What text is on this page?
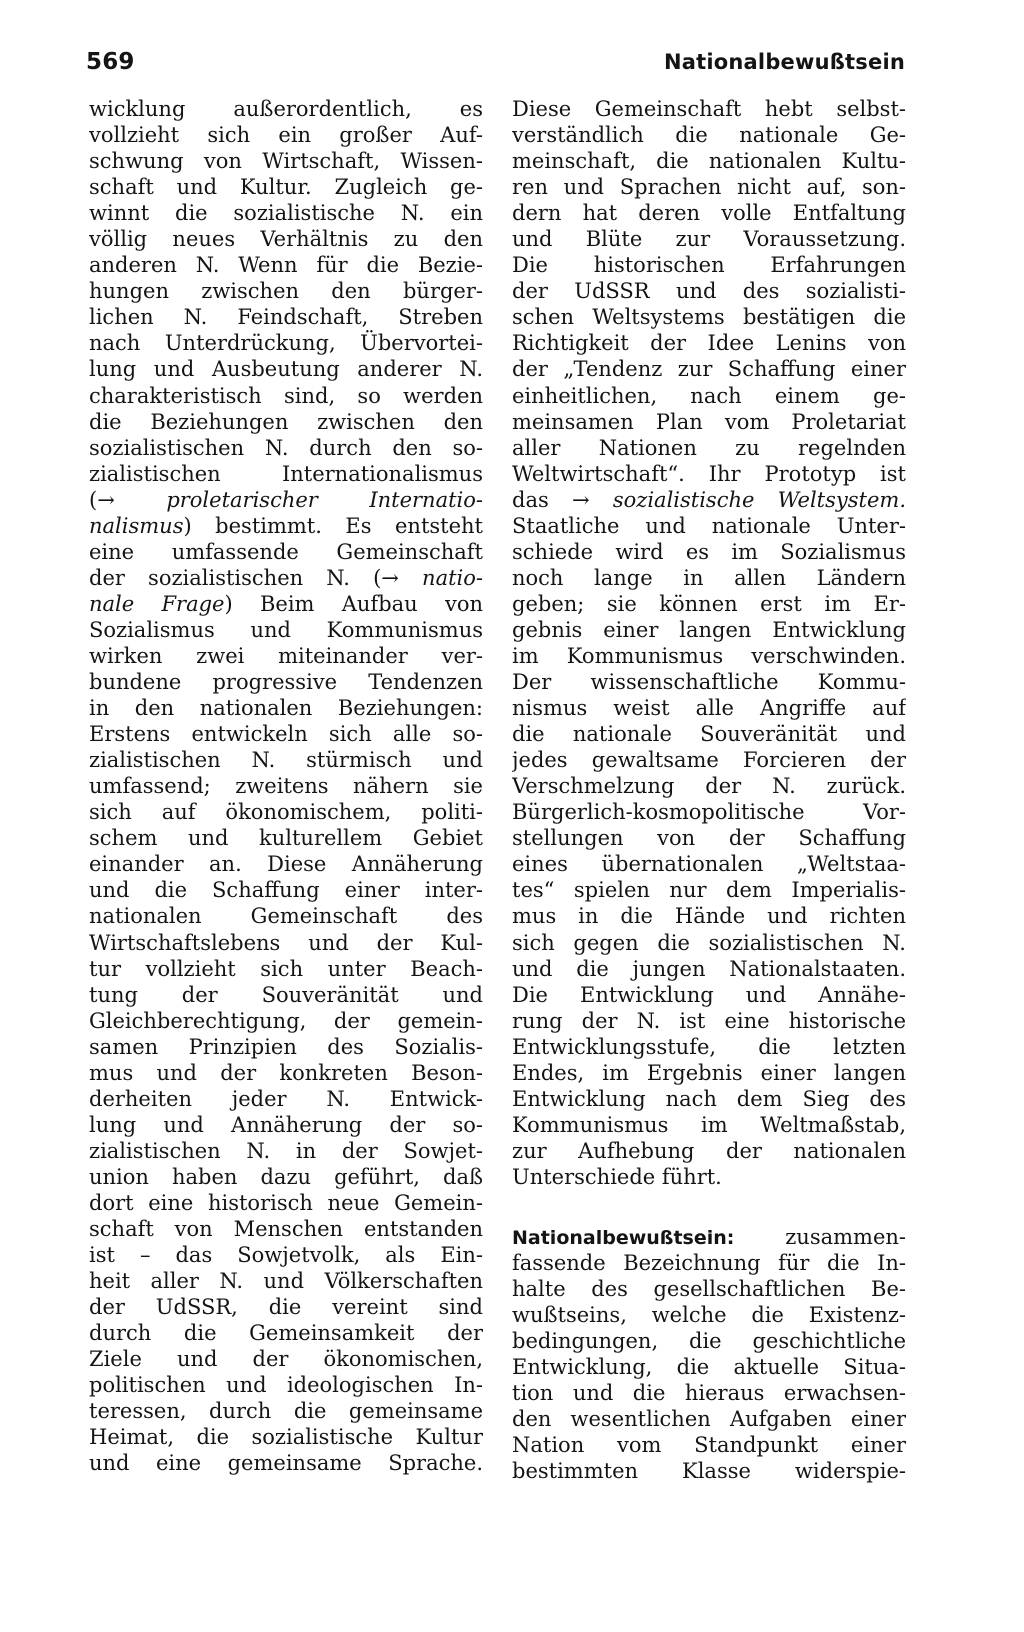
569	Nationalbewußtsein
wicklung außerordentlich, es
vollzieht sich ein großer Auf-
schwung von Wirtschaft, Wissen-
schaft und Kultur. Zugleich ge-
winnt die sozialistische N. ein
völlig neues Verhältnis zu den
anderen N. Wenn für die Bezie-
hungen zwischen den bürger-
lichen N. Feindschaft, Streben
nach Unterdrückung, Übervortei-
lung und Ausbeutung anderer N.
charakteristisch sind, so werden
die Beziehungen zwischen den
sozialistischen N. durch den so-
zialistischen Internationalismus
(→ proletarischer Internatio-
nalismus) bestimmt. Es entsteht
eine umfassende Gemeinschaft
der sozialistischen N. (→ natio-
nale Frage) Beim Aufbau von
Sozialismus und Kommunismus
wirken zwei miteinander ver-
bundene progressive Tendenzen
in den nationalen Beziehungen:
Erstens entwickeln sich alle so-
zialistischen N. stürmisch und
umfassend; zweitens nähern sie
sich auf ökonomischem, politi-
schem und kulturellem Gebiet
einander an. Diese Annäherung
und die Schaffung einer inter-
nationalen Gemeinschaft des
Wirtschaftslebens und der Kul-
tur vollzieht sich unter Beach-
tung der Souveränität und
Gleichberechtigung, der gemein-
samen Prinzipien des Sozialis-
mus und der konkreten Beson-
derheiten jeder N. Entwick-
lung und Annäherung der so-
zialistischen N. in der Sowjet-
union haben dazu geführt, daß
dort eine historisch neue Gemein-
schaft von Menschen entstanden
ist – das Sowjetvolk, als Ein-
heit aller N. und Völkerschaften
der UdSSR, die vereint sind
durch die Gemeinsamkeit der
Ziele und der ökonomischen,
politischen und ideologischen In-
teressen, durch die gemeinsame
Heimat, die sozialistische Kultur
und eine gemeinsame Sprache.
Diese Gemeinschaft hebt selbst-
verständlich die nationale Ge-
meinschaft, die nationalen Kultu-
ren und Sprachen nicht auf, son-
dern hat deren volle Entfaltung
und Blüte zur Voraussetzung.
Die historischen Erfahrungen
der UdSSR und des sozialisti-
schen Weltsystems bestätigen die
Richtigkeit der Idee Lenins von
der „Tendenz zur Schaffung einer
einheitlichen, nach einem ge-
meinsamen Plan vom Proletariat
aller Nationen zu regelnden
Weltwirtschaft“. Ihr Prototyp ist
das → sozialistische Weltsystem.
Staatliche und nationale Unter-
schiede wird es im Sozialismus
noch lange in allen Ländern
geben; sie können erst im Er-
gebnis einer langen Entwicklung
im Kommunismus verschwinden.
Der wissenschaftliche Kommu-
nismus weist alle Angriffe auf
die nationale Souveränität und
jedes gewaltsame Forcieren der
Verschmelzung der N. zurück.
Bürgerlich-kosmopolitische Vor-
stellungen von der Schaffung
eines übernationalen „Weltstaa-
tes“ spielen nur dem Imperialis-
mus in die Hände und richten
sich gegen die sozialistischen N.
und die jungen Nationalstaaten.
Die Entwicklung und Annähe-
rung der N. ist eine historische
Entwicklungsstufe, die letzten
Endes, im Ergebnis einer langen
Entwicklung nach dem Sieg des
Kommunismus im Weltmaßstab,
zur Aufhebung der nationalen
Unterschiede führt.
Nationalbewußtsein: zusammen-
fassende Bezeichnung für die In-
halte des gesellschaftlichen Be-
wußtseins, welche die Existenz-
bedingungen, die geschichtliche
Entwicklung, die aktuelle Situa-
tion und die hieraus erwachsen-
den wesentlichen Aufgaben einer
Nation vom Standpunkt einer
bestimmten Klasse widerspie-
